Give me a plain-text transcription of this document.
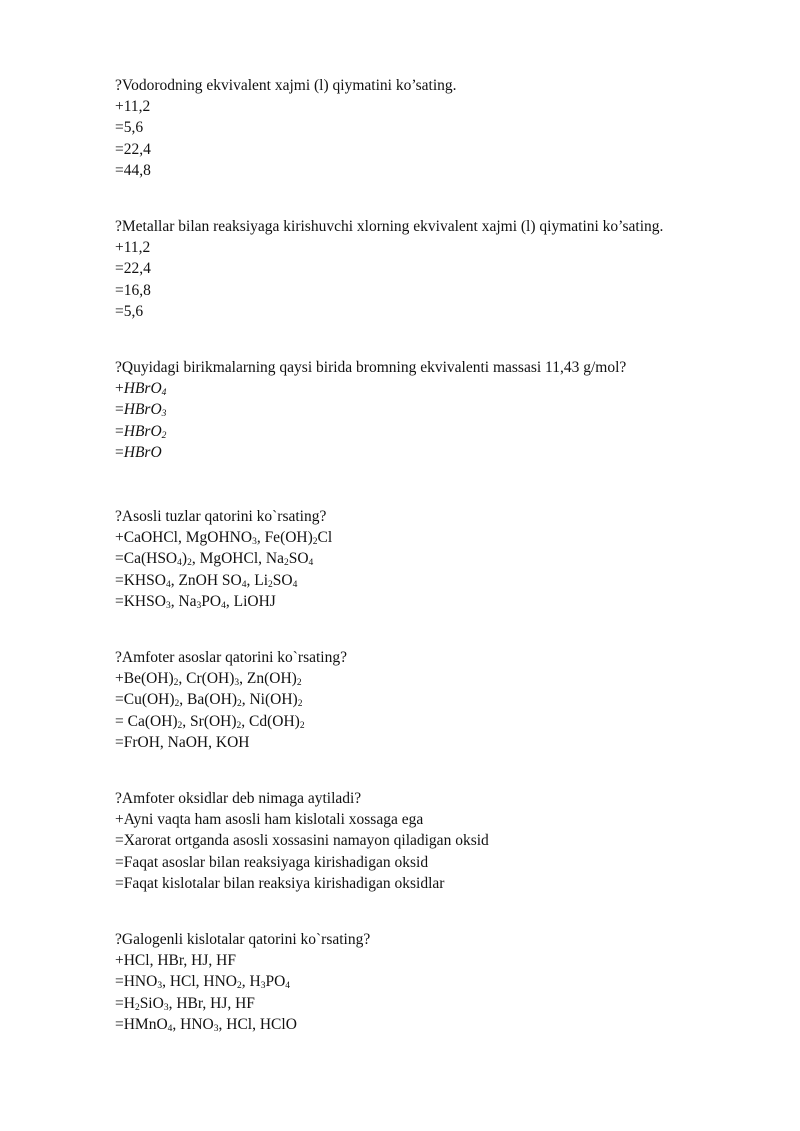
?Vodorodning ekvivalent xajmi (l) qiymatini ko’sating.
+11,2
=5,6
=22,4
=44,8
?Metallar bilan reaksiyaga kirishuvchi xlorning ekvivalent xajmi (l) qiymatini ko’sating.
+11,2
=22,4
=16,8
=5,6
?Quyidagi birikmalarning qaysi birida bromning ekvivalenti massasi 11,43 g/mol?
+HBrO$_4$
=HBrO$_3$
=HBrO$_2$
=HBrO
?Asosli tuzlar qatorini ko`rsating?
+CaOHCl, MgOHNO$_3$, $Fe(OH)_2Cl$
$=Ca(HSO_4)_2$, MgOHCl, $Na_2SO_4$
$=KHSO_4$, ZnOH $SO_4$, $Li_2SO_4$
$=KHSO_3$, $Na_3PO_4$, LiOHJ
?Amfoter asoslar qatorini ko`rsating?
$+Be(OH)_2$, $Cr(OH)_3$, $Zn(OH)_2$
$=Cu(OH)_2$, $Ba(OH)_2$, $Ni(OH)_2$
= $Ca(OH)_2$, $Sr(OH)_2$, $Cd(OH)_2$
=FrOH, NaOH, KOH
?Amfoter oksidlar deb nimaga aytiladi?
+Ayni vaqta ham asosli ham kislotali xossaga ega
=Xarorat ortganda asosli xossasini namayon qiladigan oksid
=Faqat asoslar bilan reaksiyaga kirishadigan oksid
=Faqat kislotalar bilan reaksiya kirishadigan oksidlar
?Galogenli kislotalar qatorini ko`rsating?
+HCl, HBr, HJ, HF
$=HNO_3$, HCl, $HNO_2$, $H_3PO_4$
$=H_2SiO_3$, HBr, HJ, HF
=HMnO$_4$, $HNO_3$, HCl, HClO
